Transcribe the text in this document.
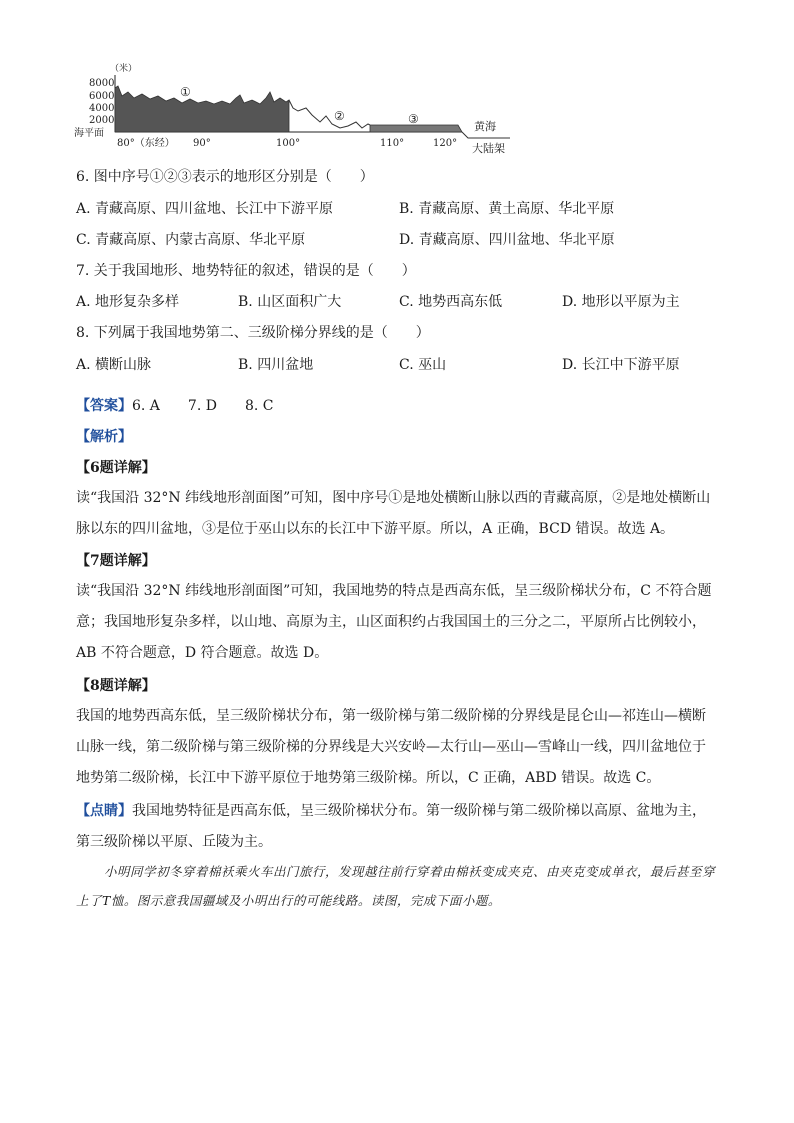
（米）
8000
6000
4000
2000
海平面
①
②	③
黄海
大陆架
80°（东经） 90°	100°	110°	120°
6. 图中序号①②③表示的地形区分别是（　　）
A. 青藏高原、四川盆地、长江中下游平原	B. 青藏高原、黄土高原、华北平原
C. 青藏高原、内蒙古高原、华北平原	D. 青藏高原、四川盆地、华北平原
7. 关于我国地形、地势特征的叙述，错误的是（　　）
A. 地形复杂多样	B. 山区面积广大	C. 地势西高东低	D. 地形以平原为主
8. 下列属于我国地势第二、三级阶梯分界线的是（　　）
A. 横断山脉	B. 四川盆地	C. 巫山	D. 长江中下游平原
【答案】6. A　　7. D　　8. C
【解析】
【6题详解】
读“我国沿 32°N 纬线地形剖面图”可知，图中序号①是地处横断山脉以西的青藏高原，②是地处横断山脉以东的四川盆地，③是位于巫山以东的长江中下游平原。所以，A 正确，BCD 错误。故选 A。
【7题详解】
读“我国沿 32°N 纬线地形剖面图”可知，我国地势的特点是西高东低，呈三级阶梯状分布，C 不符合题意；我国地形复杂多样，以山地、高原为主，山区面积约占我国国土的三分之二，平原所占比例较小，AB 不符合题意，D 符合题意。故选 D。
【8题详解】
我国的地势西高东低，呈三级阶梯状分布，第一级阶梯与第二级阶梯的分界线是昆仑山—祁连山—横断山脉一线，第二级阶梯与第三级阶梯的分界线是大兴安岭—太行山—巫山—雪峰山一线，四川盆地位于地势第二级阶梯，长江中下游平原位于地势第三级阶梯。所以，C 正确，ABD 错误。故选 C。
【点睛】我国地势特征是西高东低，呈三级阶梯状分布。第一级阶梯与第二级阶梯以高原、盆地为主，第三级阶梯以平原、丘陵为主。
小明同学初冬穿着棉袄乘火车出门旅行，发现越往前行穿着由棉袄变成夹克、由夹克变成单衣，最后甚至穿上了T恤。图示意我国疆域及小明出行的可能线路。读图，完成下面小题。
